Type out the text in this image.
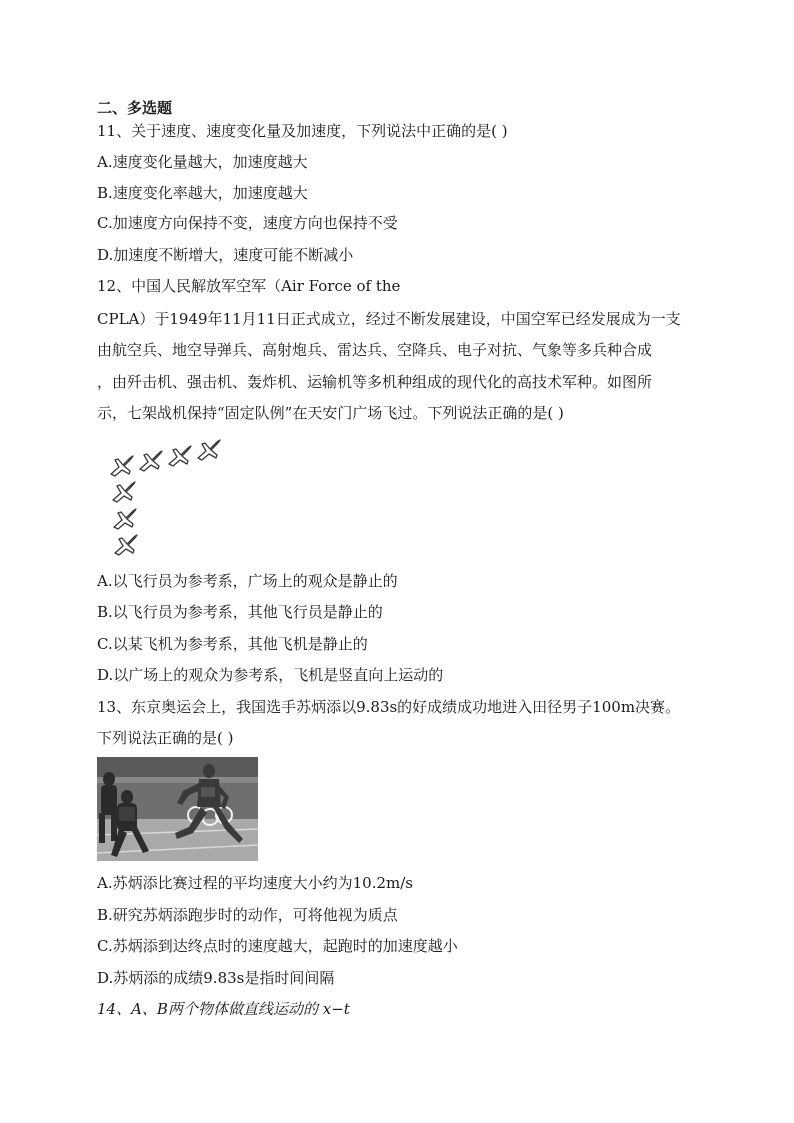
二、多选题
11、关于速度、速度变化量及加速度，下列说法中正确的是( )
A.速度变化量越大，加速度越大
B.速度变化率越大，加速度越大
C.加速度方向保持不变，速度方向也保持不受
D.加速度不断增大，速度可能不断减小
12、中国人民解放军空军（Air Force of the
CPLA）于1949年11月11日正式成立，经过不断发展建设，中国空军已经发展成为一支
由航空兵、地空导弹兵、高射炮兵、雷达兵、空降兵、电子对抗、气象等多兵种合成
，由歼击机、强击机、轰炸机、运输机等多机种组成的现代化的高技术军种。如图所
示，七架战机保持“固定队例”在天安门广场飞过。下列说法正确的是( )
A.以飞行员为参考系，广场上的观众是静止的
B.以飞行员为参考系，其他飞行员是静止的
C.以某飞机为参考系，其他飞机是静止的
D.以广场上的观众为参考系，飞机是竖直向上运动的
13、东京奥运会上，我国选手苏炳添以9.83s的好成绩成功地进入田径男子100m决赛。
下列说法正确的是( )
A.苏炳添比赛过程的平均速度大小约为10.2m/s
B.研究苏炳添跑步时的动作，可将他视为质点
C.苏炳添到达终点时的速度越大，起跑时的加速度越小
D.苏炳添的成绩9.83s是指时间间隔
14、A、B两个物体做直线运动的 x−t
